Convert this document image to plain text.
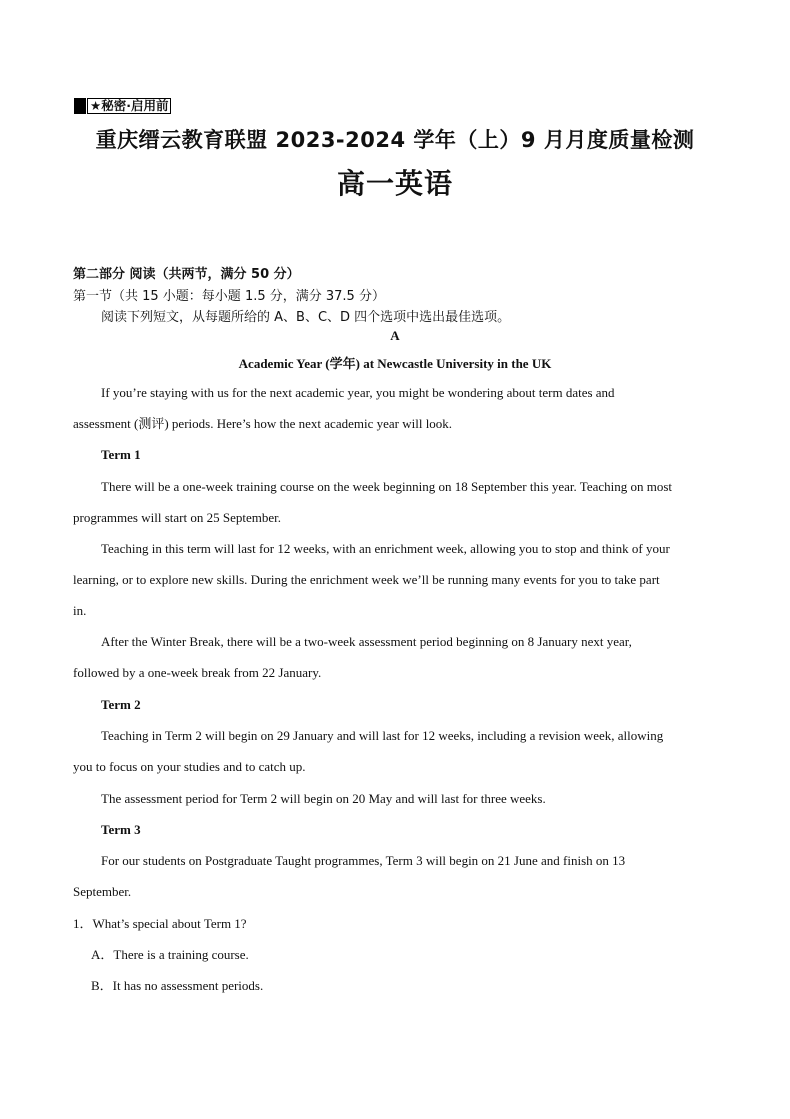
★秘密·启用前
重庆缙云教育联盟 2023-2024 学年（上）9 月月度质量检测
高一英语
第二部分 阅读（共两节，满分 50 分）
第一节（共 15 小题：每小题 1.5 分，满分 37.5 分）
阅读下列短文，从每题所给的 A、B、C、D 四个选项中选出最佳选项。
A
Academic Year (学年) at Newcastle University in the UK
If you’re staying with us for the next academic year, you might be wondering about term dates and
assessment (测评) periods. Here’s how the next academic year will look.
Term 1
There will be a one-week training course on the week beginning on 18 September this year. Teaching on most
programmes will start on 25 September.
Teaching in this term will last for 12 weeks, with an enrichment week, allowing you to stop and think of your
learning, or to explore new skills. During the enrichment week we’ll be running many events for you to take part
in.
After the Winter Break, there will be a two-week assessment period beginning on 8 January next year,
followed by a one-week break from 22 January.
Term 2
Teaching in Term 2 will begin on 29 January and will last for 12 weeks, including a revision week, allowing
you to focus on your studies and to catch up.
The assessment period for Term 2 will begin on 20 May and will last for three weeks.
Term 3
For our students on Postgraduate Taught programmes, Term 3 will begin on 21 June and finish on 13
September.
1．What’s special about Term 1?
A．There is a training course.
B．It has no assessment periods.
